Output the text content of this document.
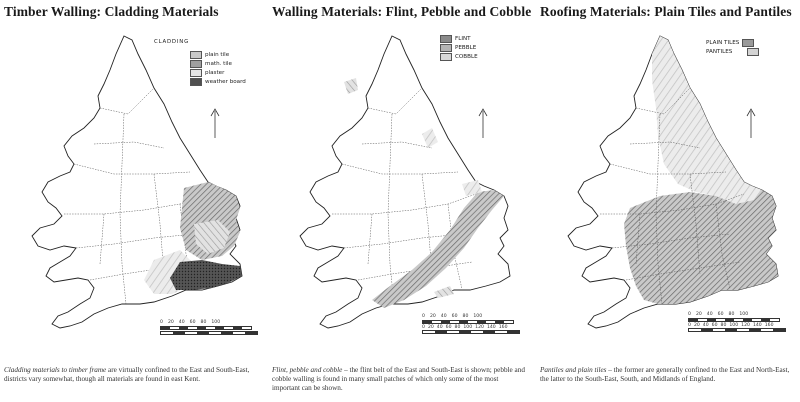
Timber Walling: Cladding Materials
CLADDING
plain tile
math. tile
plaster
weather board
0 20 40 60 80 100
Cladding materials to timber frame are virtually confined to the East and South-East, districts vary somewhat, though all materials are found in east Kent.
Walling Materials: Flint, Pebble and Cobble
FLINT
PEBBLE
COBBLE
0 20 40 60 80 100
0 20 40 60 80 100 120 140 160
Flint, pebble and cobble – the flint belt of the East and South-East is shown; pebble and cobble walling is found in many small patches of which only some of the most important can be shown.
Roofing Materials: Plain Tiles and Pantiles
PLAIN TILES
PANTILES
0 20 40 60 80 100
0 20 40 60 80 100 120 140 160
Pantiles and plain tiles – the former are generally confined to the East and North-East, the latter to the South-East, South, and Midlands of England.
